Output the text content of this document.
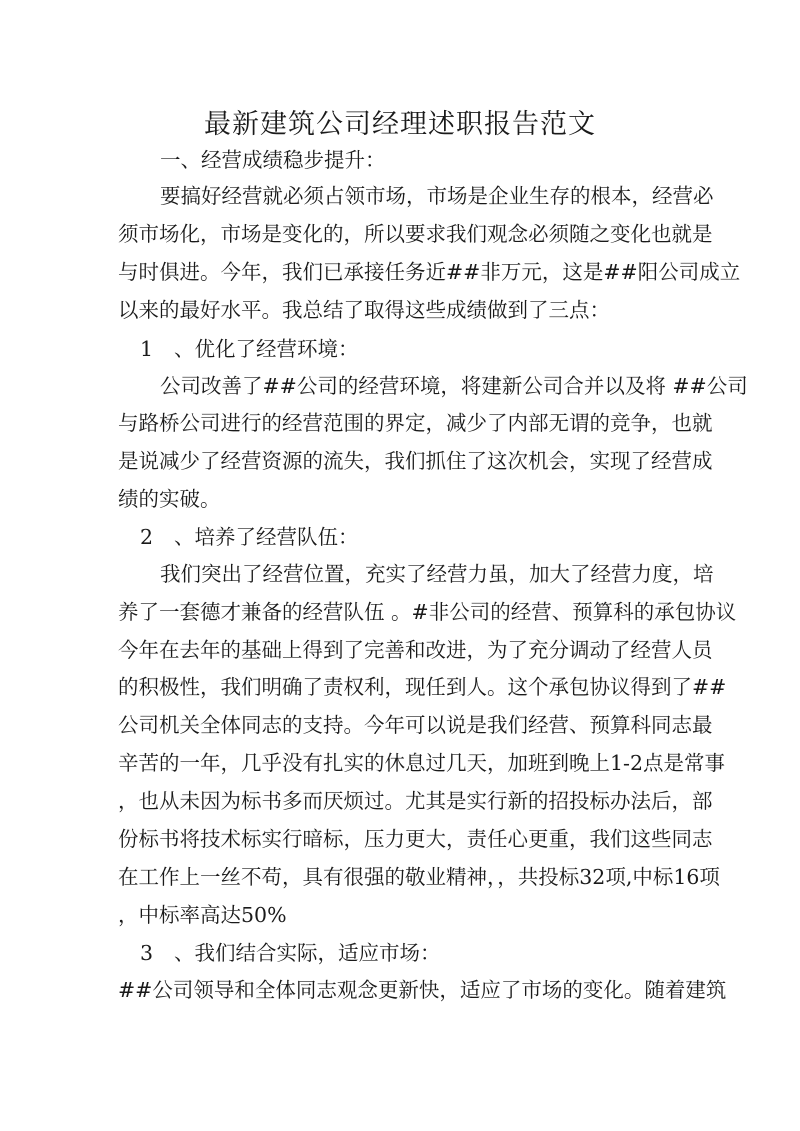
最新建筑公司经理述职报告范文
一、经营成绩稳步提升：
要搞好经营就必须占领市场，市场是企业生存的根本，经营必
须市场化，市场是变化的，所以要求我们观念必须随之变化也就是
与时俱进。今年，我们已承接任务近##非万元，这是##阳公司成立
以来的最好水平。我总结了取得这些成绩做到了三点：
1 、优化了经营环境：
公司改善了##公司的经营环境，将建新公司合并以及将 ##公司
与路桥公司进行的经营范围的界定，减少了内部无谓的竞争，也就
是说减少了经营资源的流失，我们抓住了这次机会，实现了经营成
绩的实破。
2 、培养了经营队伍：
我们突出了经营位置，充实了经营力虽，加大了经营力度，培
养了一套德才兼备的经营队伍 。#非公司的经营、预算科的承包协议
今年在去年的基础上得到了完善和改进，为了充分调动了经营人员
的积极性，我们明确了责权利，现任到人。这个承包协议得到了##
公司机关全体同志的支持。今年可以说是我们经营、预算科同志最
辛苦的一年，几乎没有扎实的休息过几天，加班到晚上1-2点是常事
，也从未因为标书多而厌烦过。尤其是实行新的招投标办法后，部
份标书将技术标实行暗标，压力更大，责任心更重，我们这些同志
在工作上一丝不苟，具有很强的敬业精神，，共投标32项,中标16项
，中标率高达50%
3 、我们结合实际，适应市场：
##公司领导和全体同志观念更新快，适应了市场的变化。随着建筑
